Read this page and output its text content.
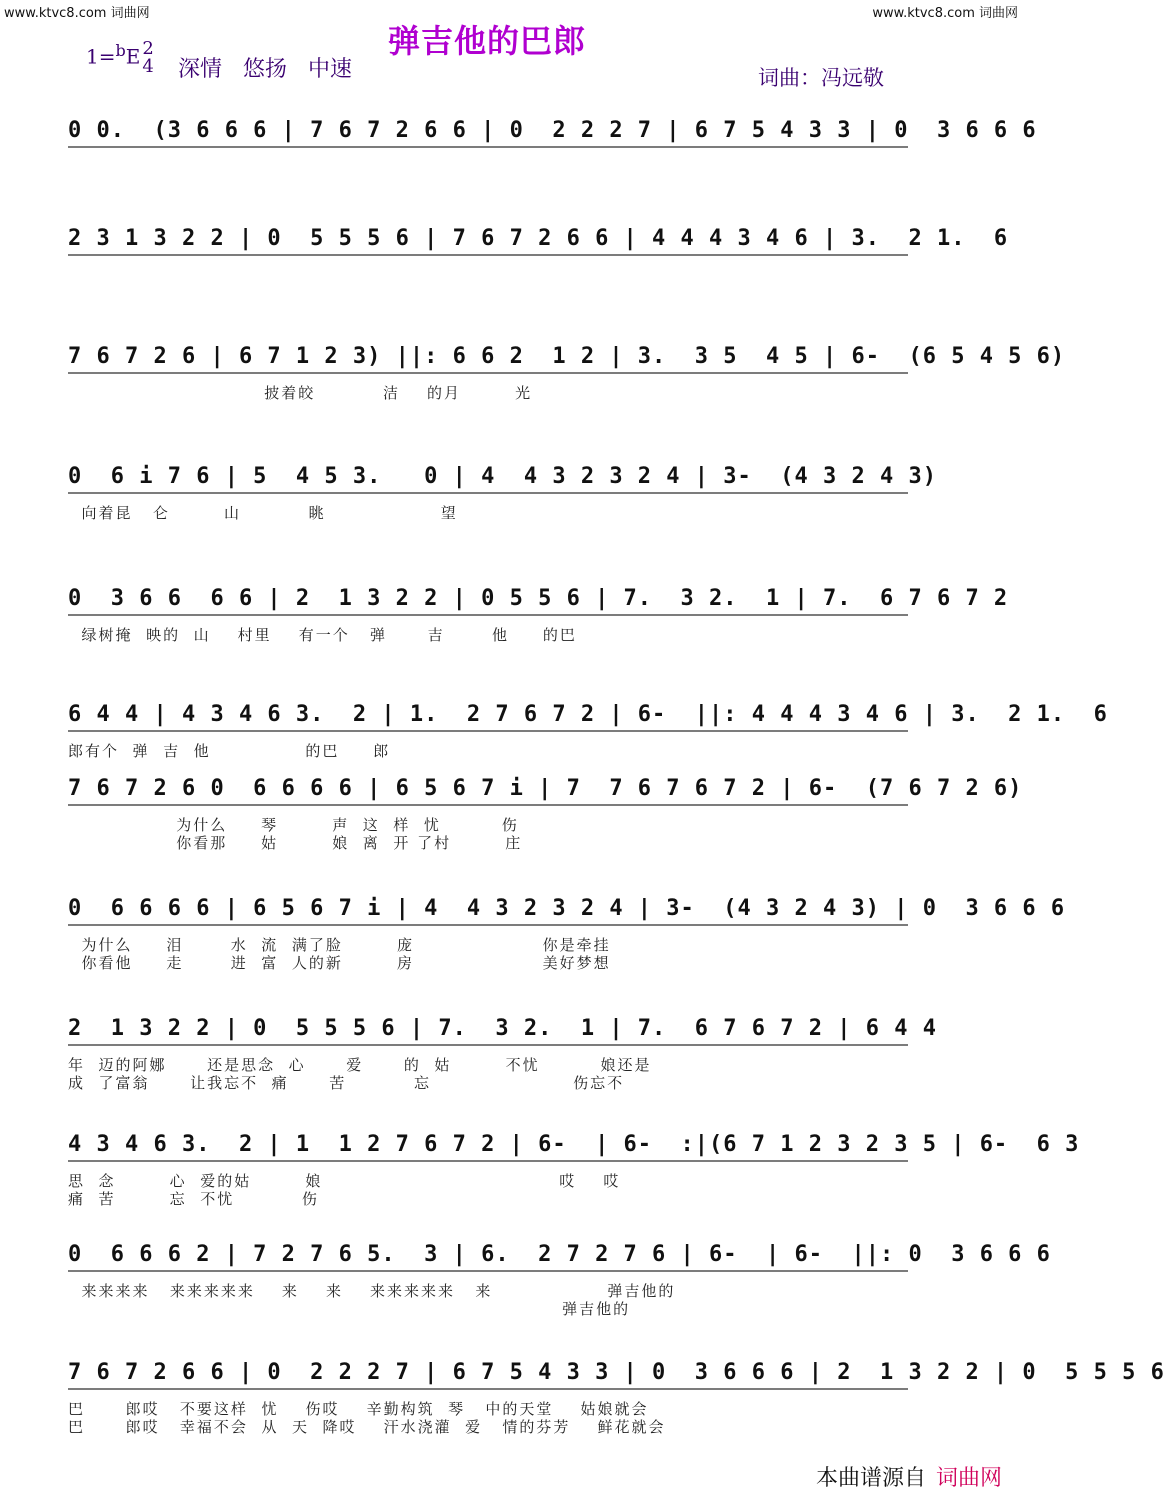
www.ktvc8.com 词曲网	www.ktvc8.com 词曲网
弹吉他的巴郎
1=$^b$E 2
4 深情 悠扬 中速	词曲：冯远敬
0 0.  (3 6 6 6 | 7 6 7 2 6 6 | 0  2 2 2 7 | 6 7 5 4 3 3 | 0  3 6 6 6
2 3 1 3 2 2 | 0  5 5 5 6 | 7 6 7 2 6 6 | 4 4 4 3 4 6 | 3.  2 1.  6
7 6 7 2 6 | 6 7 1 2 3) ||: 6 6 2  1 2 | 3.  3 5  4 5 | 6-  (6 5 4 5 6)
披着皎          洁    的月        光
0  6 i 7 6 | 5  4 5 3.   0 | 4  4 3 2 3 2 4 | 3-  (4 3 2 4 3)
向着昆   仑        山          眺                 望
0  3 6 6  6 6 | 2  1 3 2 2 | 0 5 5 6 | 7.  3 2.  1 | 7.  6 7 6 7 2
绿树掩  映的  山    村里    有一个   弹      吉       他     的巴
6 4 4 | 4 3 4 6 3.  2 | 1.  2 7 6 7 2 | 6-  ||: 4 4 4 3 4 6 | 3.  2 1.  6
郎有个  弹  吉  他              的巴     郎
7 6 7 2 6 0  6 6 6 6 | 6 5 6 7 i | 7  7 6 7 6 7 2 | 6-  (7 6 7 2 6)
为什么     琴        声  这  样  忧         伤
你看那     姑        娘  离  开 了村        庄
0  6 6 6 6 | 6 5 6 7 i | 4  4 3 2 3 2 4 | 3-  (4 3 2 4 3) | 0  3 6 6 6
为什么     泪       水  流  满了脸        庞                   你是牵挂
你看他     走       进  富  人的新        房                   美好梦想
2  1 3 2 2 | 0  5 5 5 6 | 7.  3 2.  1 | 7.  6 7 6 7 2 | 6 4 4
年  迈的阿娜      还是思念  心      爱      的  姑        不忧         娘还是
成  了富翁      让我忘不  痛      苦          忘                     伤忘不
4 3 4 6 3.  2 | 1  1 2 7 6 7 2 | 6-  | 6-  :|(6 7 1 2 3 2 3 5 | 6-  6 3
思  念        心  爱的姑        娘                                   哎    哎
痛  苦        忘  不忧          伤
0  6 6 6 2 | 7 2 7 6 5.  3 | 6.  2 7 2 7 6 | 6-  | 6-  ||: 0  3 6 6 6
来来来来   来来来来来    来    来    来来来来来   来                 弹吉他的
弹吉他的
7 6 7 2 6 6 | 0  2 2 2 7 | 6 7 5 4 3 3 | 0  3 6 6 6 | 2  1 3 2 2 | 0  5 5 5 6
巴      郎哎   不要这样  忧    伤哎    辛勤构筑  琴   中的天堂    姑娘就会
巴      郎哎   幸福不会  从  天  降哎    汗水浇灌  爱   情的芬芳    鲜花就会
本曲谱源自 词曲网
